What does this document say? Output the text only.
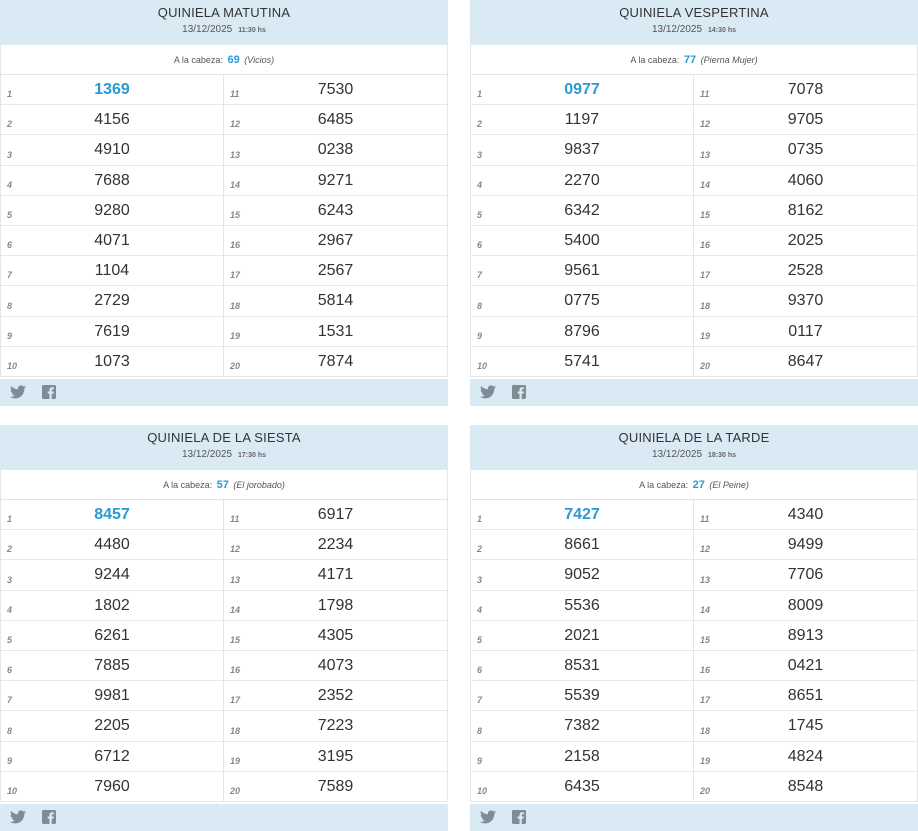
QUINIELA MATUTINA
13/12/2025 11:30 hs
A la cabeza: 69 (Vicios)
1	1369
2	4156
3	4910
4	7688
5	9280
6	4071
7	1104
8	2729
9	7619
10	1073
11	7530
12	6485
13	0238
14	9271
15	6243
16	2967
17	2567
18	5814
19	1531
20	7874
QUINIELA VESPERTINA
13/12/2025 14:30 hs
A la cabeza: 77 (Pierna Mujer)
1	0977
2	1197
3	9837
4	2270
5	6342
6	5400
7	9561
8	0775
9	8796
10	5741
11	7078
12	9705
13	0735
14	4060
15	8162
16	2025
17	2528
18	9370
19	0117
20	8647
QUINIELA DE LA SIESTA
13/12/2025 17:30 hs
A la cabeza: 57 (El jorobado)
1	8457
2	4480
3	9244
4	1802
5	6261
6	7885
7	9981
8	2205
9	6712
10	7960
11	6917
12	2234
13	4171
14	1798
15	4305
16	4073
17	2352
18	7223
19	3195
20	7589
QUINIELA DE LA TARDE
13/12/2025 18:30 hs
A la cabeza: 27 (El Peine)
1	7427
2	8661
3	9052
4	5536
5	2021
6	8531
7	5539
8	7382
9	2158
10	6435
11	4340
12	9499
13	7706
14	8009
15	8913
16	0421
17	8651
18	1745
19	4824
20	8548
